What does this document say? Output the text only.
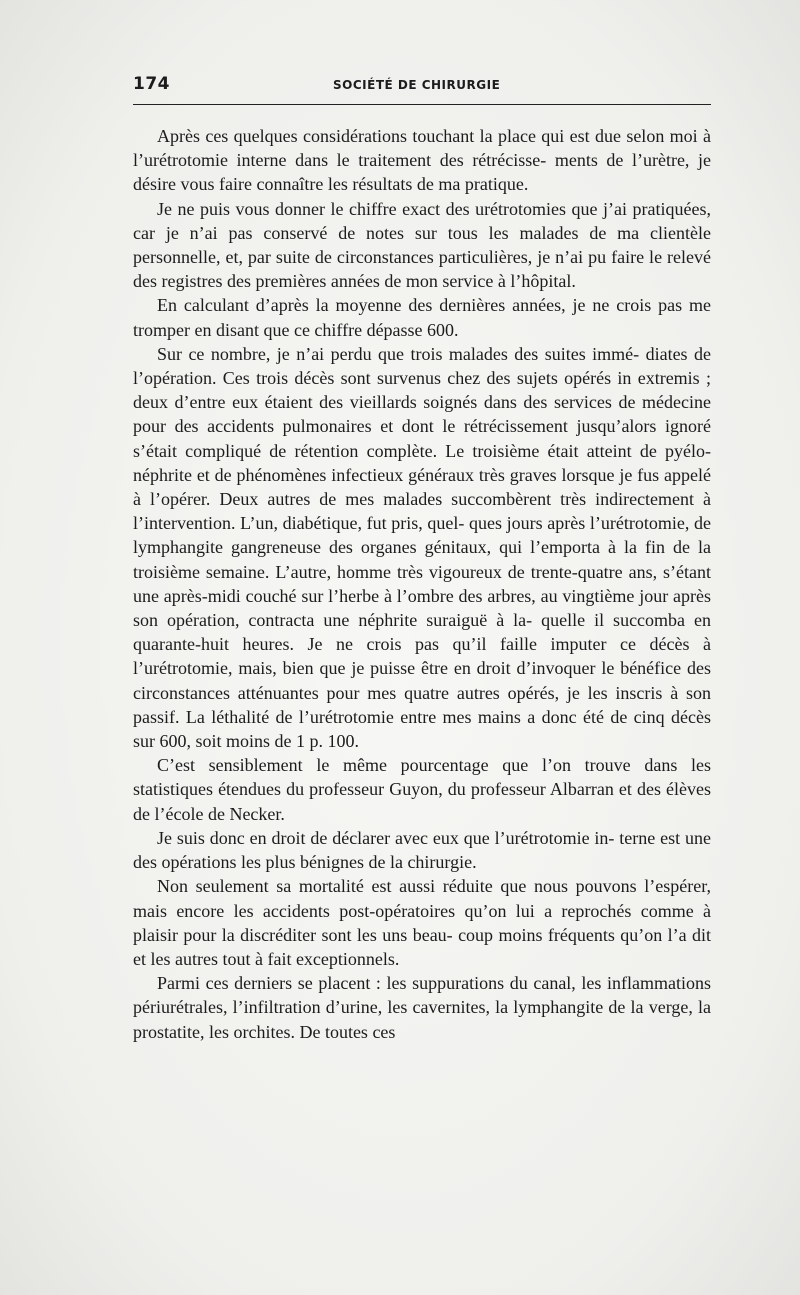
174	SOCIÉTÉ DE CHIRURGIE

Après ces quelques considérations touchant la place qui est due selon moi à l’urétrotomie interne dans le traitement des rétrécisse- ments de l’urètre, je désire vous faire connaître les résultats de ma pratique.

Je ne puis vous donner le chiffre exact des urétrotomies que j’ai pratiquées, car je n’ai pas conservé de notes sur tous les malades de ma clientèle personnelle, et, par suite de circonstances particulières, je n’ai pu faire le relevé des registres des premières années de mon service à l’hôpital.

En calculant d’après la moyenne des dernières années, je ne crois pas me tromper en disant que ce chiffre dépasse 600.

Sur ce nombre, je n’ai perdu que trois malades des suites immé- diates de l’opération. Ces trois décès sont survenus chez des sujets opérés in extremis ; deux d’entre eux étaient des vieillards soignés dans des services de médecine pour des accidents pulmonaires et dont le rétrécissement jusqu’alors ignoré s’était compliqué de rétention complète. Le troisième était atteint de pyélo-néphrite et de phénomènes infectieux généraux très graves lorsque je fus appelé à l’opérer. Deux autres de mes malades succombèrent très indirectement à l’intervention. L’un, diabétique, fut pris, quel- ques jours après l’urétrotomie, de lymphangite gangreneuse des organes génitaux, qui l’emporta à la fin de la troisième semaine. L’autre, homme très vigoureux de trente-quatre ans, s’étant une après-midi couché sur l’herbe à l’ombre des arbres, au vingtième jour après son opération, contracta une néphrite suraiguë à la- quelle il succomba en quarante-huit heures. Je ne crois pas qu’il faille imputer ce décès à l’urétrotomie, mais, bien que je puisse être en droit d’invoquer le bénéfice des circonstances atténuantes pour mes quatre autres opérés, je les inscris à son passif. La léthalité de l’urétrotomie entre mes mains a donc été de cinq décès sur 600, soit moins de 1 p. 100.

C’est sensiblement le même pourcentage que l’on trouve dans les statistiques étendues du professeur Guyon, du professeur Albarran et des élèves de l’école de Necker.

Je suis donc en droit de déclarer avec eux que l’urétrotomie in- terne est une des opérations les plus bénignes de la chirurgie.

Non seulement sa mortalité est aussi réduite que nous pouvons l’espérer, mais encore les accidents post-opératoires qu’on lui a reprochés comme à plaisir pour la discréditer sont les uns beau- coup moins fréquents qu’on l’a dit et les autres tout à fait exceptionnels.

Parmi ces derniers se placent : les suppurations du canal, les inflammations périurétrales, l’infiltration d’urine, les cavernites, la lymphangite de la verge, la prostatite, les orchites. De toutes ces
